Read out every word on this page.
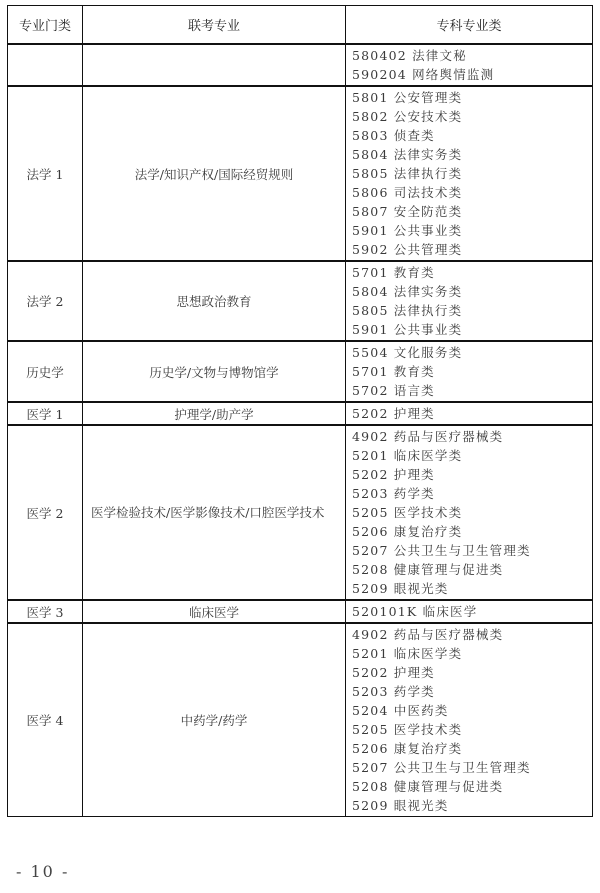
专业门类	联考专业	专科专业类

		580402 法律文秘
590204 网络舆情监测

法学 1	法学/知识产权/国际经贸规则	
5801 公安管理类
5802 公安技术类
5803 侦查类
5804 法律实务类
5805 法律执行类
5806 司法技术类
5807 安全防范类
5901 公共事业类
5902 公共管理类

法学 2	思想政治教育	5701 教育类
5804 法律实务类
5805 法律执行类
5901 公共事业类

历史学	历史学/文物与博物馆学	5504 文化服务类
5701 教育类
5702 语言类

医学 1	护理学/助产学	5202 护理类

医学 2	医学检验技术/医学影像技术/口腔医学技术	
4902 药品与医疗器械类
5201 临床医学类
5202 护理类
5203 药学类
5205 医学技术类
5206 康复治疗类
5207 公共卫生与卫生管理类
5208 健康管理与促进类
5209 眼视光类

医学 3	临床医学	520101K 临床医学

医学 4	中药学/药学	
4902 药品与医疗器械类
5201 临床医学类
5202 护理类
5203 药学类
5204 中医药类
5205 医学技术类
5206 康复治疗类
5207 公共卫生与卫生管理类
5208 健康管理与促进类
5209 眼视光类
- 10 -
